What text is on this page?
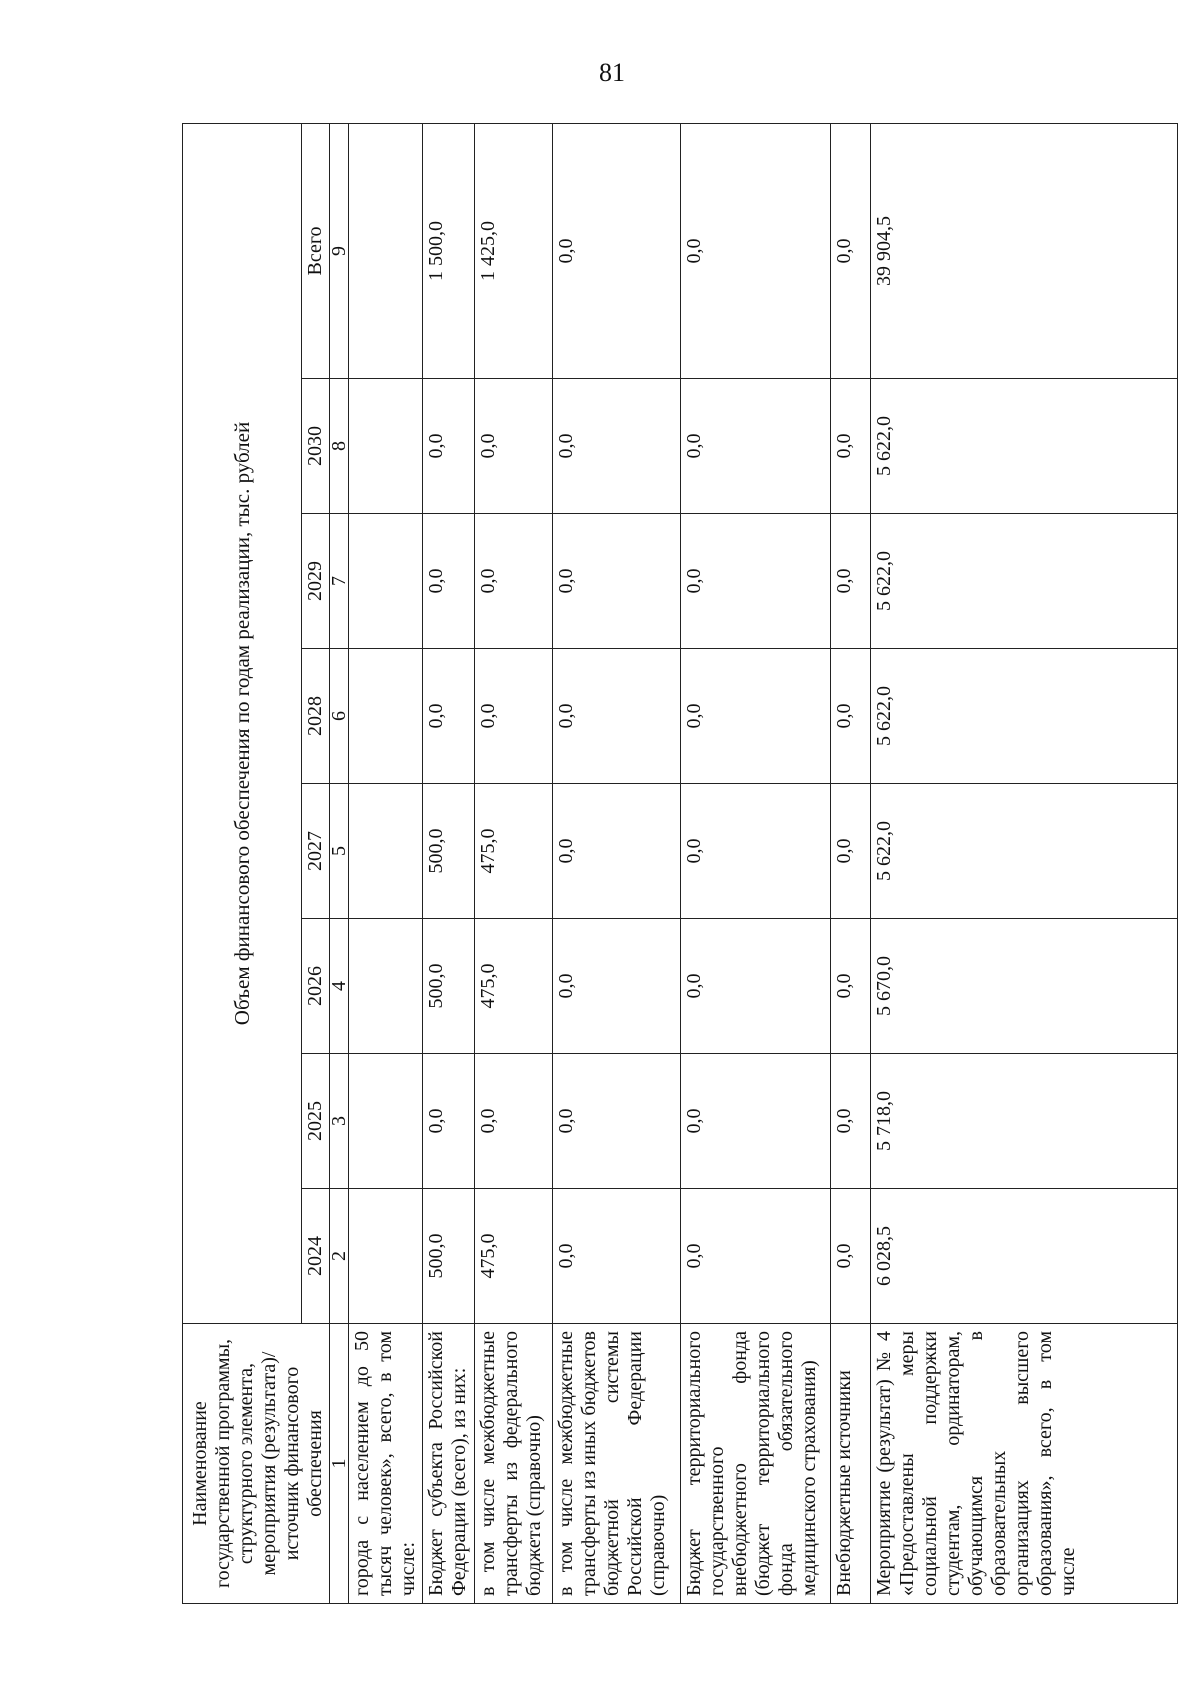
81
Наименование государственной программы, структурного элемента, мероприятия (результата)/источник финансового обеспечения	Объем финансового обеспечения по годам реализации, тыс. рублей							
	2024	2025	2026	2027	2028	2029	2030	Всего
1	2	3	4	5	6	7	8	9
города с населением до 50 тысяч человек», всего, в том числе:								
Бюджет субъекта Российской Федерации (всего), из них:	500,0	0,0	500,0	500,0	0,0	0,0	0,0	1 500,0
в том числе межбюджетные трансферты из федерального бюджета (справочно)	475,0	0,0	475,0	475,0	0,0	0,0	0,0	1 425,0
в том числе межбюджетные трансферты из иных бюджетов бюджетной системы Российской Федерации (справочно)	0,0	0,0	0,0	0,0	0,0	0,0	0,0	0,0
Бюджет территориального государственного внебюджетного фонда (бюджет территориального фонда обязательного медицинского страхования)	0,0	0,0	0,0	0,0	0,0	0,0	0,0	0,0
Внебюджетные источники	0,0	0,0	0,0	0,0	0,0	0,0	0,0	0,0
Мероприятие (результат) № 4 «Предоставлены меры социальной поддержки студентам, ординаторам, обучающимся в образовательных организациях высшего образования», всего, в том числе	6 028,5	5 718,0	5 670,0	5 622,0	5 622,0	5 622,0	5 622,0	39 904,5
